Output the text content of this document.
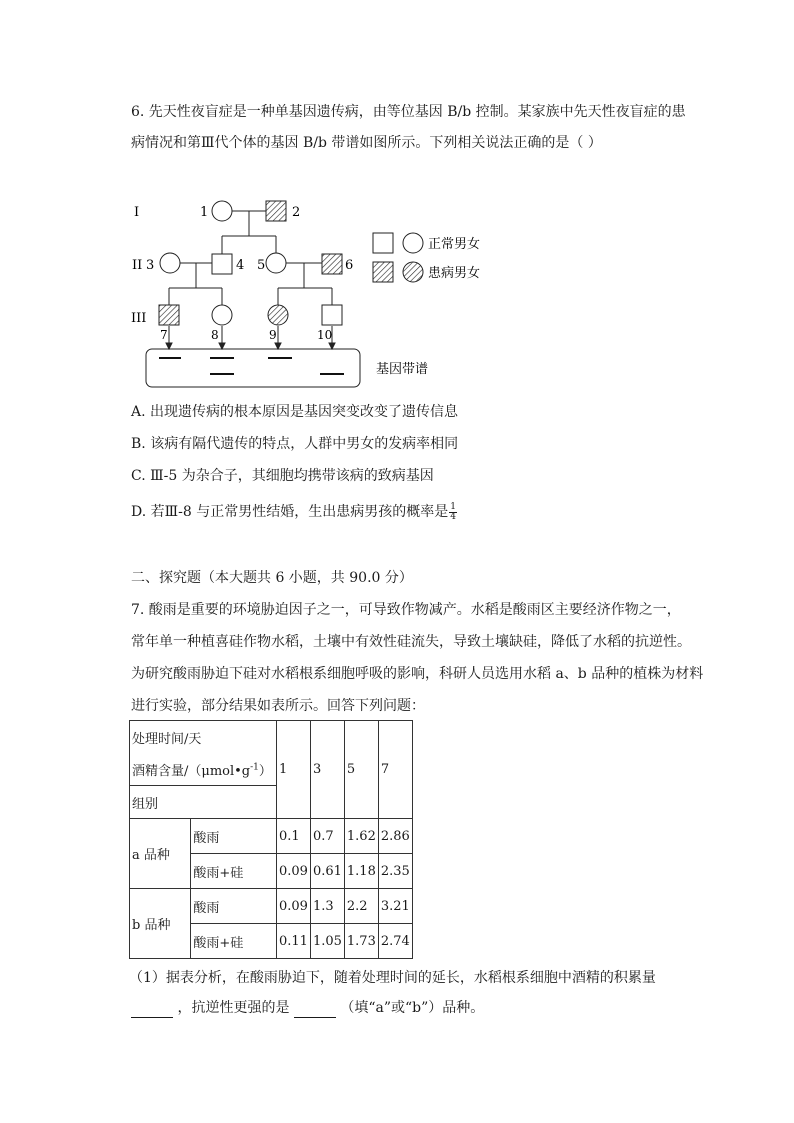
6. 先天性夜盲症是一种单基因遗传病，由等位基因 B/b 控制。某家族中先天性夜盲症的患
病情况和第Ⅲ代个体的基因 B/b 带谱如图所示。下列相关说法正确的是（ ）
I
II
III
1	2
3	4 5	6
7	8	9	10
基因带谱
正常男女
患病男女
A. 出现遗传病的根本原因是基因突变改变了遗传信息
B. 该病有隔代遗传的特点，人群中男女的发病率相同
C. Ⅲ-5 为杂合子，其细胞均携带该病的致病基因
D. 若Ⅲ-8 与正常男性结婚，生出患病男孩的概率是 $\frac{1}{4}$
二、探究题（本大题共 6 小题，共 90.0 分）
7. 酸雨是重要的环境胁迫因子之一，可导致作物减产。水稻是酸雨区主要经济作物之一，
常年单一种植喜硅作物水稻，土壤中有效性硅流失，导致土壤缺硅，降低了水稻的抗逆性。
为研究酸雨胁迫下硅对水稻根系细胞呼吸的影响，科研人员选用水稻 a、b 品种的植株为材料
进行实验，部分结果如表所示。回答下列问题：
处理时间/天		1	3	5	7
酒精含量$/(\mu mol•g^{-1})$					
组别					
a 品种	酸雨	0.1	0.7	1.62	2.86
	酸雨+硅	0.09	0.61	1.18	2.35
b 品种	酸雨	0.09	1.3	2.2	3.21
	酸雨+硅	0.11	1.05	1.73	2.74
（1）据表分析，在酸雨胁迫下，随着处理时间的延长，水稻根系细胞中酒精的积累量
，抗逆性更强的是	（填“a”或“b”）品种。
